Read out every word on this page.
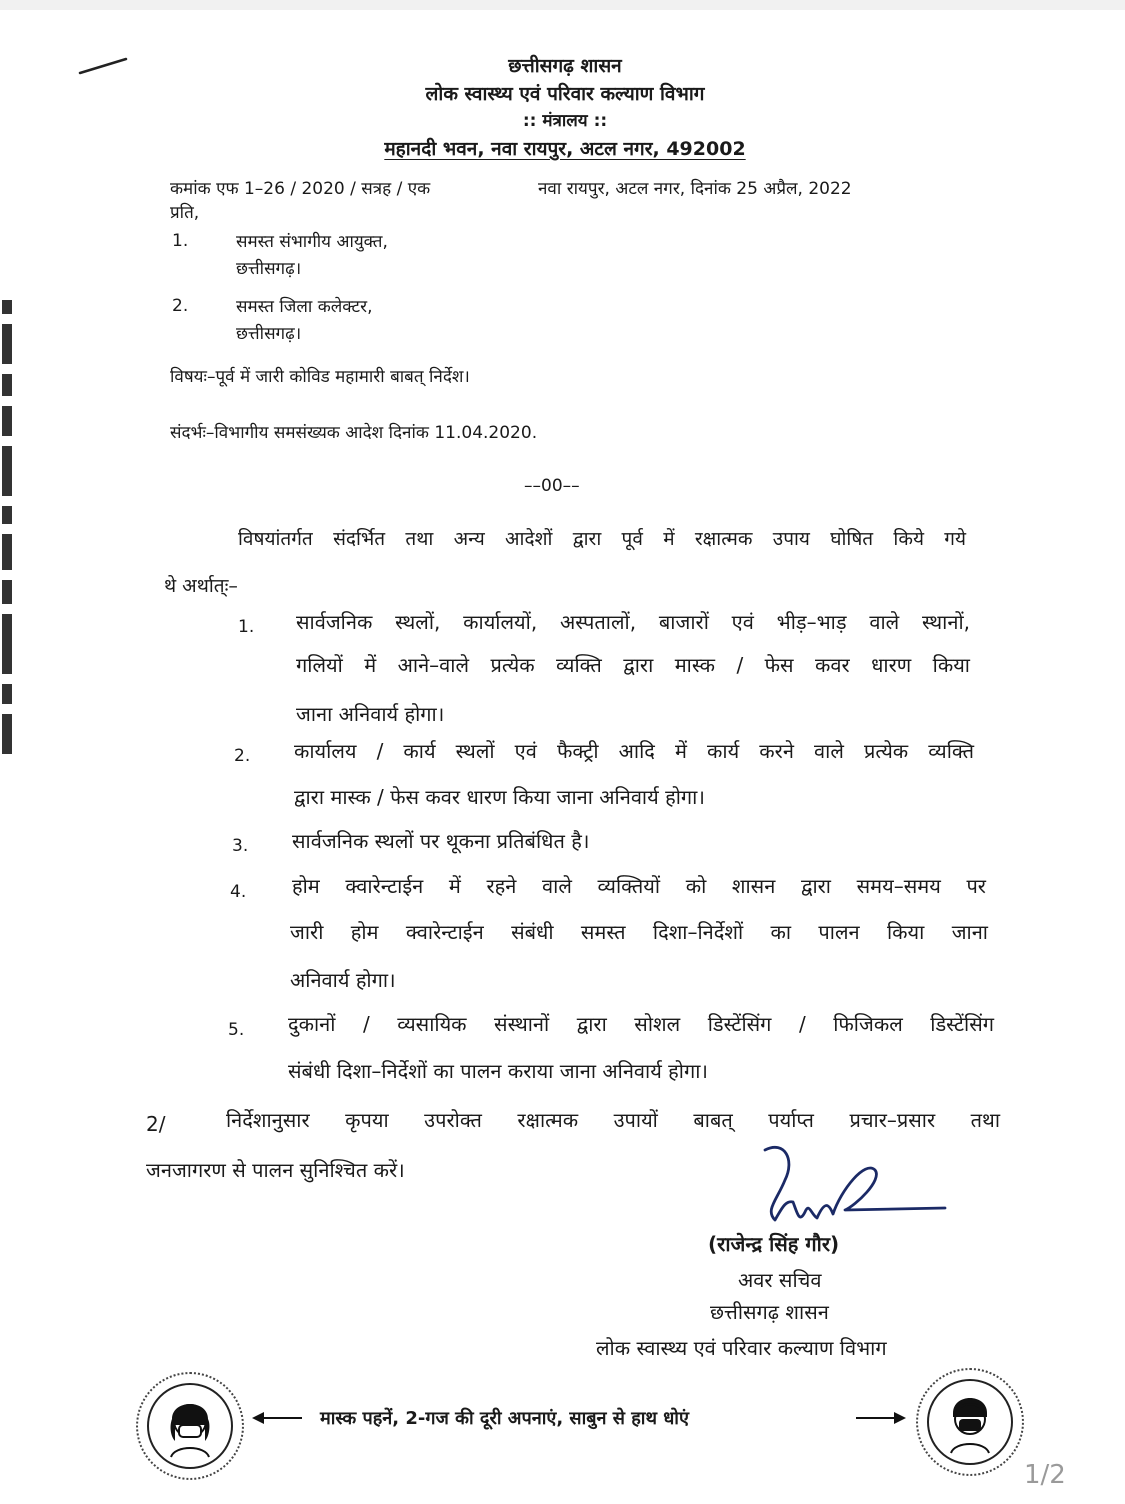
छत्तीसगढ़ शासन
लोक स्वास्थ्य एवं परिवार कल्याण विभाग
:: मंत्रालय ::
महानदी भवन, नवा रायपुर, अटल नगर, 492002
कमांक एफ 1–26 / 2020 / सत्रह / एक	नवा रायपुर, अटल नगर, दिनांक 25 अप्रैल, 2022
प्रति,
1.	समस्त संभागीय आयुक्त,
छत्तीसगढ़।
2.	समस्त जिला कलेक्टर,
छत्तीसगढ़।
विषयः–पूर्व में जारी कोविड महामारी बाबत् निर्देश।
संदर्भः–विभागीय समसंख्यक आदेश दिनांक 11.04.2020.
––00––
विषयांतर्गत संदर्भित तथा अन्य आदेशों द्वारा पूर्व में रक्षात्मक उपाय घोषित किये गये
थे अर्थात्ः–
1. सार्वजनिक स्थलों, कार्यालयों, अस्पतालों, बाजारों एवं भीड़–भाड़ वाले स्थानों,
गलियों में आने–वाले प्रत्येक व्यक्ति द्वारा मास्क / फेस कवर धारण किया
जाना अनिवार्य होगा।
2. कार्यालय / कार्य स्थलों एवं फैक्ट्री आदि में कार्य करने वाले प्रत्येक व्यक्ति
द्वारा मास्क / फेस कवर धारण किया जाना अनिवार्य होगा।
3. सार्वजनिक स्थलों पर थूकना प्रतिबंधित है।
4. होम क्वारेन्टाईन में रहने वाले व्यक्तियों को शासन द्वारा समय–समय पर
जारी होम क्वारेन्टाईन संबंधी समस्त दिशा–निर्देशों का पालन किया जाना
अनिवार्य होगा।
5. दुकानों / व्यसायिक संस्थानों द्वारा सोशल डिस्टेंसिंग / फिजिकल डिस्टेंसिंग
संबंधी दिशा–निर्देशों का पालन कराया जाना अनिवार्य होगा।
2/	निर्देशानुसार कृपया उपरोक्त रक्षात्मक उपायों बाबत् पर्याप्त प्रचार–प्रसार तथा
जनजागरण से पालन सुनिश्चित करें।
(राजेन्द्र सिंह गौर)
अवर सचिव
छत्तीसगढ़ शासन
लोक स्वास्थ्य एवं परिवार कल्याण विभाग
मास्क पहनें, 2-गज की दूरी अपनाएं, साबुन से हाथ धोएं
1/2
